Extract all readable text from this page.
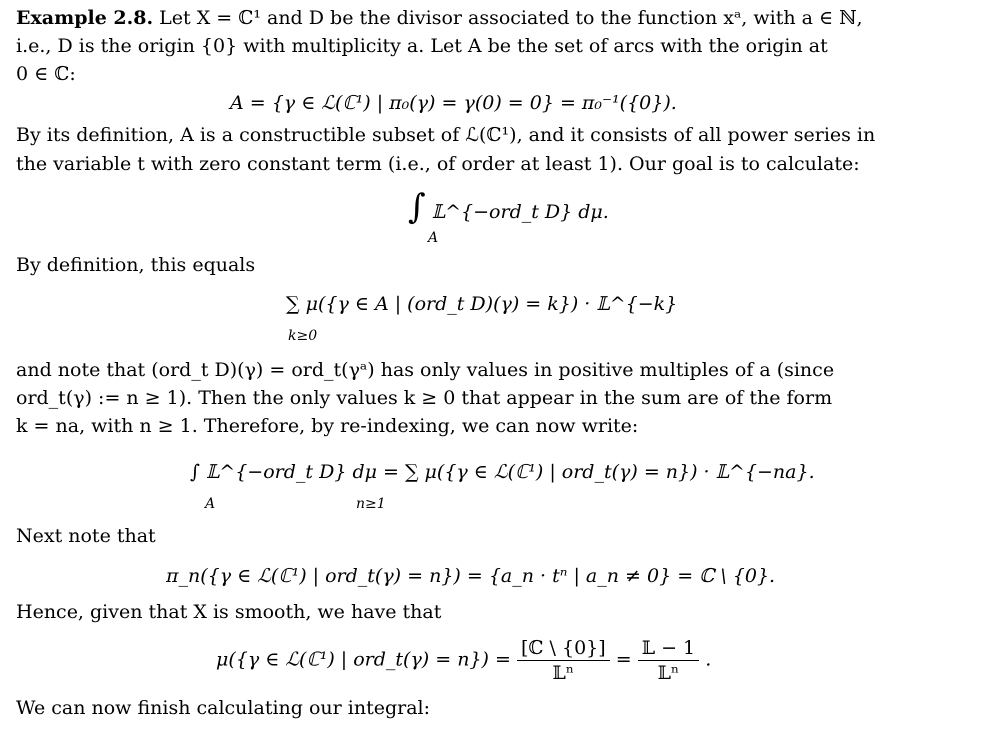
Example 2.8. Let X = ℂ¹ and D be the divisor associated to the function xᵃ, with a ∈ ℕ,
i.e., D is the origin {0} with multiplicity a. Let A be the set of arcs with the origin at
0 ∈ ℂ:
A = {γ ∈ ℒ(ℂ¹) | π₀(γ) = γ(0) = 0} = π₀⁻¹({0}).
By its definition, A is a constructible subset of ℒ(ℂ¹), and it consists of all power series in
the variable t with zero constant term (i.e., of order at least 1). Our goal is to calculate:
∫ 𝕃^{−ord_t D} dμ.
A
By definition, this equals
∑ μ({γ ∈ A | (ord_t D)(γ) = k}) · 𝕃^{−k}
k≥0
and note that (ord_t D)(γ) = ord_t(γᵃ) has only values in positive multiples of a (since
ord_t(γ) := n ≥ 1). Then the only values k ≥ 0 that appear in the sum are of the form
k = na, with n ≥ 1. Therefore, by re-indexing, we can now write:
∫ 𝕃^{−ord_t D} dμ = ∑ μ({γ ∈ ℒ(ℂ¹) | ord_t(γ) = n}) · 𝕃^{−na}.
A	n≥1
Next note that
π_n({γ ∈ ℒ(ℂ¹) | ord_t(γ) = n}) = {a_n · tⁿ | a_n ≠ 0} = ℂ \ {0}.
Hence, given that X is smooth, we have that
μ({γ ∈ ℒ(ℂ¹) | ord_t(γ) = $n\}) = \frac{\text{[ℂ \textbackslash{} \{0\}]}}{\text{𝕃ⁿ}} = \frac{\text{𝕃 − 1}}{\text{𝕃ⁿ}}$ .
We can now finish calculating our integral:
